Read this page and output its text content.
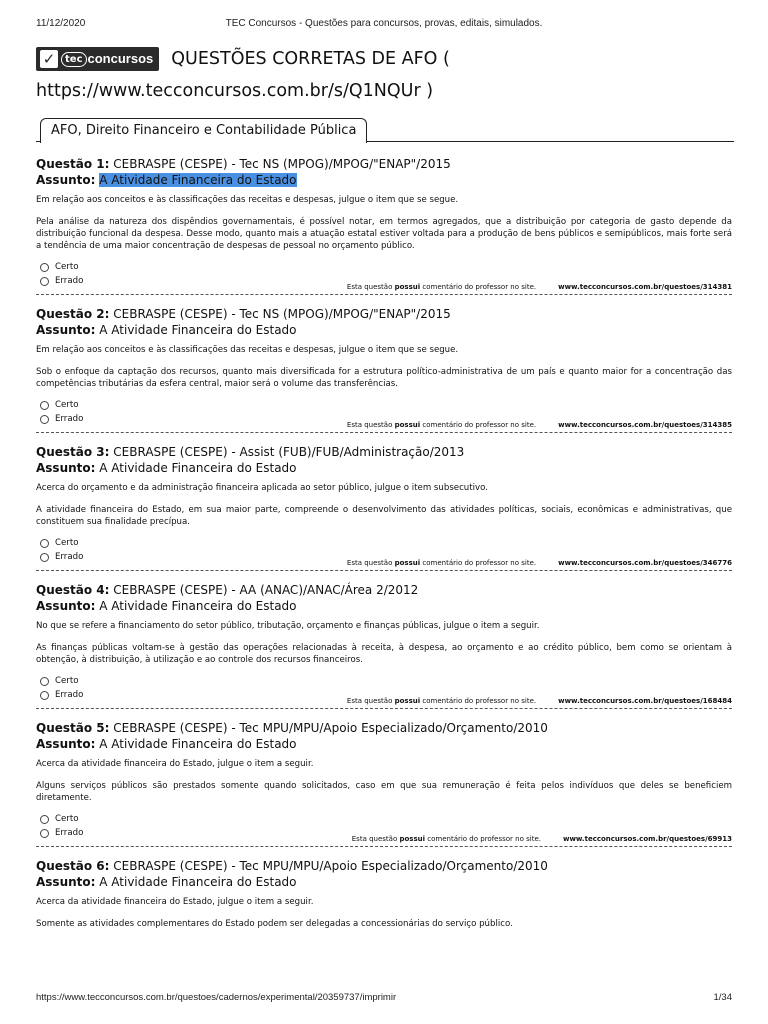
11/12/2020	TEC Concursos - Questões para concursos, provas, editais, simulados.
✓ tec concursos QUESTÕES CORRETAS DE AFO (
https://www.tecconcursos.com.br/s/Q1NQUr )
AFO, Direito Financeiro e Contabilidade Pública

Questão 1: CEBRASPE (CESPE) - Tec NS (MPOG)/MPOG/"ENAP"/2015

Assunto: A Atividade Financeira do Estado

Em relação aos conceitos e às classificações das receitas e despesas, julgue o item que se segue.

Pela análise da natureza dos dispêndios governamentais, é possível notar, em termos agregados, que a distribuição por categoria de gasto depende da distribuição funcional da despesa. Desse modo, quanto mais a atuação estatal estiver voltada para a produção de bens públicos e semipúblicos, mais forte será a tendência de uma maior concentração de despesas de pessoal no orçamento público.

Certo
Errado
Esta questão possui comentário do professor no site.	www.tecconcursos.com.br/questoes/314381

Questão 2: CEBRASPE (CESPE) - Tec NS (MPOG)/MPOG/"ENAP"/2015

Assunto: A Atividade Financeira do Estado

Em relação aos conceitos e às classificações das receitas e despesas, julgue o item que se segue.

Sob o enfoque da captação dos recursos, quanto mais diversificada for a estrutura político-administrativa de um país e quanto maior for a concentração das competências tributárias da esfera central, maior será o volume das transferências.

Certo
Errado
Esta questão possui comentário do professor no site.	www.tecconcursos.com.br/questoes/314385

Questão 3: CEBRASPE (CESPE) - Assist (FUB)/FUB/Administração/2013

Assunto: A Atividade Financeira do Estado

Acerca do orçamento e da administração financeira aplicada ao setor público, julgue o item subsecutivo.

A atividade financeira do Estado, em sua maior parte, compreende o desenvolvimento das atividades políticas, sociais, econômicas e administrativas, que constituem sua finalidade precípua.

Certo
Errado
Esta questão possui comentário do professor no site.	www.tecconcursos.com.br/questoes/346776

Questão 4: CEBRASPE (CESPE) - AA (ANAC)/ANAC/Área 2/2012

Assunto: A Atividade Financeira do Estado

No que se refere a financiamento do setor público, tributação, orçamento e finanças públicas, julgue o item a seguir.

As finanças públicas voltam-se à gestão das operações relacionadas à receita, à despesa, ao orçamento e ao crédito público, bem como se orientam à obtenção, à distribuição, à utilização e ao controle dos recursos financeiros.

Certo
Errado
Esta questão possui comentário do professor no site.	www.tecconcursos.com.br/questoes/168484

Questão 5: CEBRASPE (CESPE) - Tec MPU/MPU/Apoio Especializado/Orçamento/2010

Assunto: A Atividade Financeira do Estado

Acerca da atividade financeira do Estado, julgue o item a seguir.

Alguns serviços públicos são prestados somente quando solicitados, caso em que sua remuneração é feita pelos indivíduos que deles se beneficiem diretamente.

Certo
Errado
Esta questão possui comentário do professor no site.	www.tecconcursos.com.br/questoes/69913

Questão 6: CEBRASPE (CESPE) - Tec MPU/MPU/Apoio Especializado/Orçamento/2010

Assunto: A Atividade Financeira do Estado

Acerca da atividade financeira do Estado, julgue o item a seguir.

Somente as atividades complementares do Estado podem ser delegadas a concessionárias do serviço público.

https://www.tecconcursos.com.br/questoes/cadernos/experimental/20359737/imprimir	1/34
